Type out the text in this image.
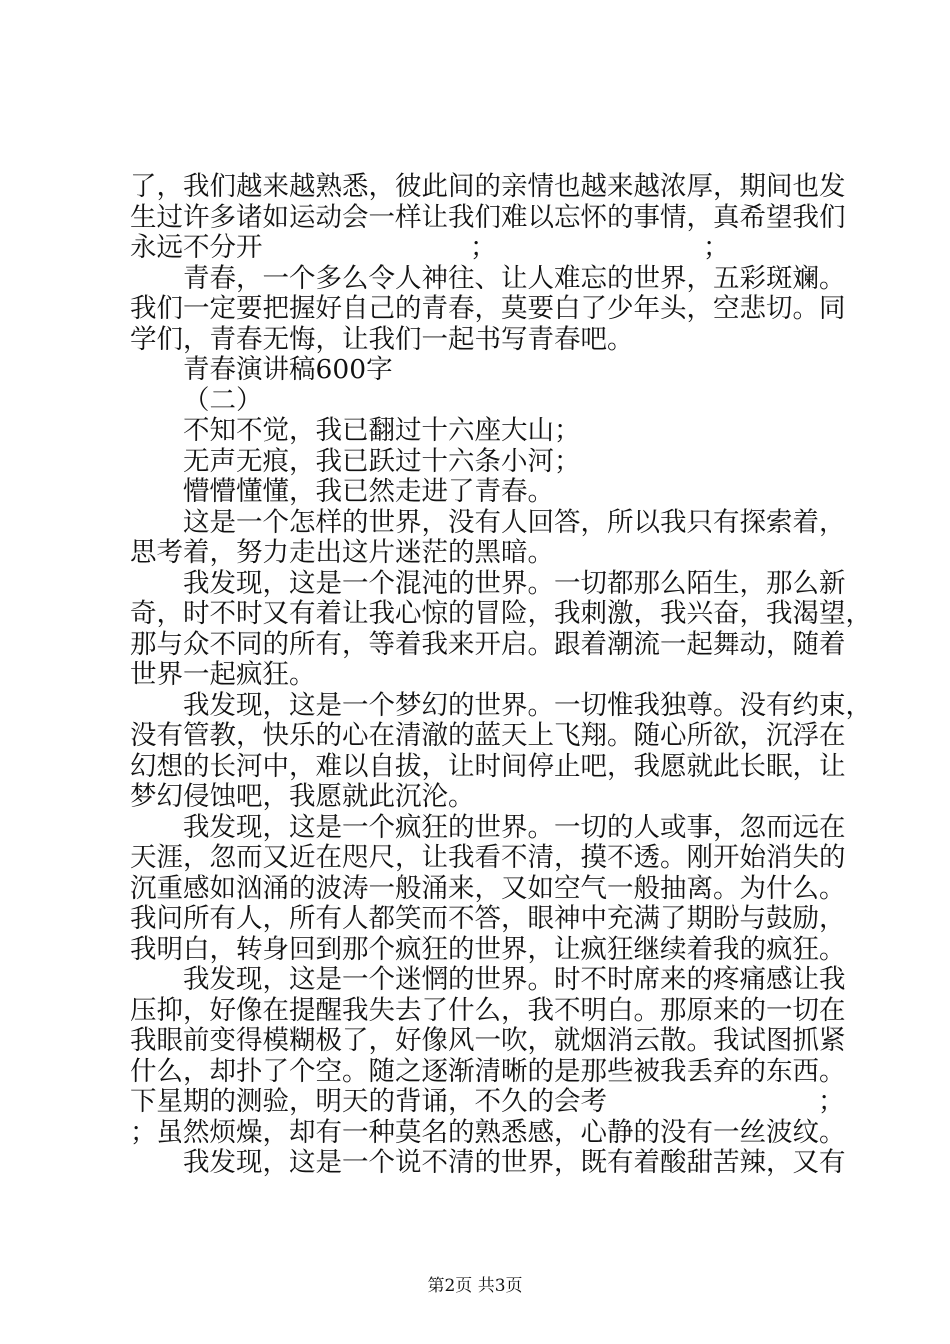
了，我们越来越熟悉，彼此间的亲情也越来越浓厚，期间也发
生过许多诸如运动会一样让我们难以忘怀的事情，真希望我们
永远不分开	；	；
青春，一个多么令人神往、让人难忘的世界，五彩斑斓。
我们一定要把握好自己的青春，莫要白了少年头，空悲切。同
学们，青春无悔，让我们一起书写青春吧。
青春演讲稿600字
（二）
不知不觉，我已翻过十六座大山；
无声无痕，我已跃过十六条小河；
懵懵懂懂，我已然走进了青春。
这是一个怎样的世界，没有人回答，所以我只有探索着，
思考着，努力走出这片迷茫的黑暗。
我发现，这是一个混沌的世界。一切都那么陌生，那么新
奇，时不时又有着让我心惊的冒险，我刺激，我兴奋，我渴望，
那与众不同的所有，等着我来开启。跟着潮流一起舞动，随着
世界一起疯狂。
我发现，这是一个梦幻的世界。一切惟我独尊。没有约束，
没有管教，快乐的心在清澈的蓝天上飞翔。随心所欲，沉浮在
幻想的长河中，难以自拔，让时间停止吧，我愿就此长眠，让
梦幻侵蚀吧，我愿就此沉沦。
我发现，这是一个疯狂的世界。一切的人或事，忽而远在
天涯，忽而又近在咫尺，让我看不清，摸不透。刚开始消失的
沉重感如汹涌的波涛一般涌来，又如空气一般抽离。为什么。
我问所有人，所有人都笑而不答，眼神中充满了期盼与鼓励，
我明白，转身回到那个疯狂的世界，让疯狂继续着我的疯狂。
我发现，这是一个迷惘的世界。时不时席来的疼痛感让我
压抑，好像在提醒我失去了什么，我不明白。那原来的一切在
我眼前变得模糊极了，好像风一吹，就烟消云散。我试图抓紧
什么，却扑了个空。随之逐渐清晰的是那些被我丢弃的东西。
下星期的测验，明天的背诵，不久的会考	；
；虽然烦燥，却有一种莫名的熟悉感，心静的没有一丝波纹。
我发现，这是一个说不清的世界，既有着酸甜苦辣，又有
第2页 共3页
